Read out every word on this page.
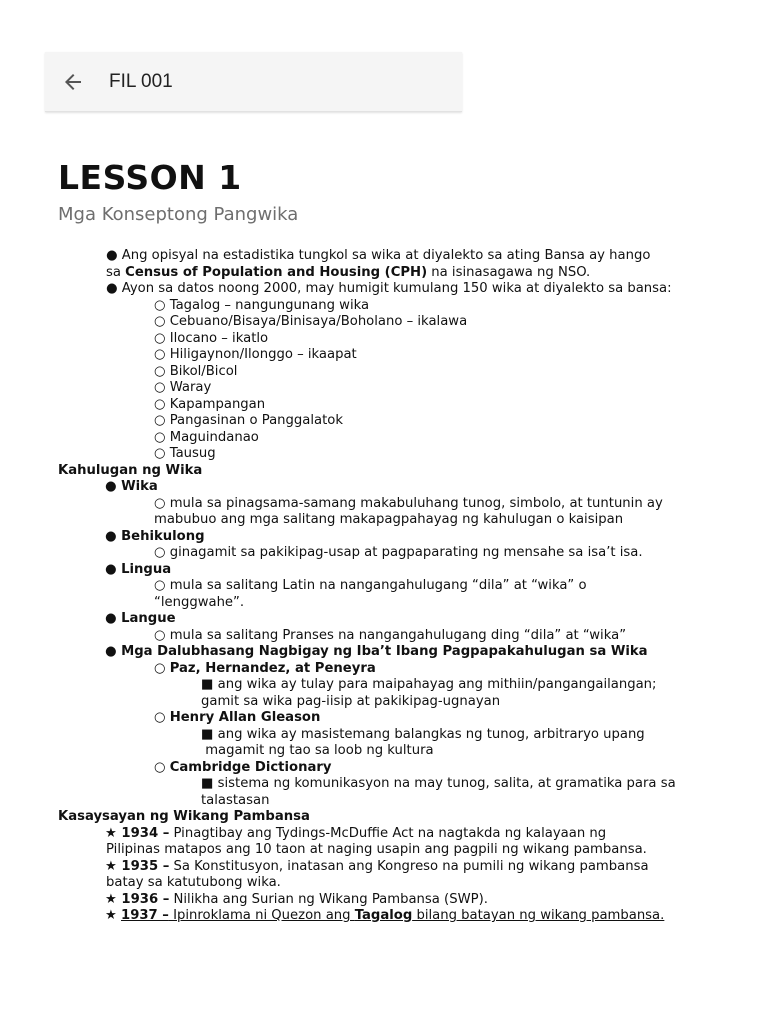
FIL 001
LESSON 1
Mga Konseptong Pangwika
● Ang opisyal na estadistika tungkol sa wika at diyalekto sa ating Bansa ay hango
sa Census of Population and Housing (CPH) na isinasagawa ng NSO.
● Ayon sa datos noong 2000, may humigit kumulang 150 wika at diyalekto sa bansa:
○ Tagalog – nangungunang wika
○ Cebuano/Bisaya/Binisaya/Boholano – ikalawa
○ Ilocano – ikatlo
○ Hiligaynon/Ilonggo – ikaapat
○ Bikol/Bicol
○ Waray
○ Kapampangan
○ Pangasinan o Panggalatok
○ Maguindanao
○ Tausug
Kahulugan ng Wika
● Wika
○ mula sa pinagsama-samang makabuluhang tunog, simbolo, at tuntunin ay
mabubuo ang mga salitang makapagpahayag ng kahulugan o kaisipan
● Behikulong
○ ginagamit sa pakikipag-usap at pagpaparating ng mensahe sa isa’t isa.
● Lingua
○ mula sa salitang Latin na nangangahulugang “dila” at “wika” o
“lenggwahe”.
● Langue
○ mula sa salitang Pranses na nangangahulugang ding “dila” at “wika”
● Mga Dalubhasang Nagbigay ng Iba’t Ibang Pagpapakahulugan sa Wika
○ Paz, Hernandez, at Peneyra
■ ang wika ay tulay para maipahayag ang mithiin/pangangailangan;
gamit sa wika pag-iisip at pakikipag-ugnayan
○ Henry Allan Gleason
■ ang wika ay masistemang balangkas ng tunog, arbitraryo upang
magamit ng tao sa loob ng kultura
○ Cambridge Dictionary
■ sistema ng komunikasyon na may tunog, salita, at gramatika para sa
talastasan
Kasaysayan ng Wikang Pambansa
★ 1934 – Pinagtibay ang Tydings-McDuffie Act na nagtakda ng kalayaan ng
Pilipinas matapos ang 10 taon at naging usapin ang pagpili ng wikang pambansa.
★ 1935 – Sa Konstitusyon, inatasan ang Kongreso na pumili ng wikang pambansa
batay sa katutubong wika.
★ 1936 – Nilikha ang Surian ng Wikang Pambansa (SWP).
★ 1937 – Ipinroklama ni Quezon ang Tagalog bilang batayan ng wikang pambansa.
